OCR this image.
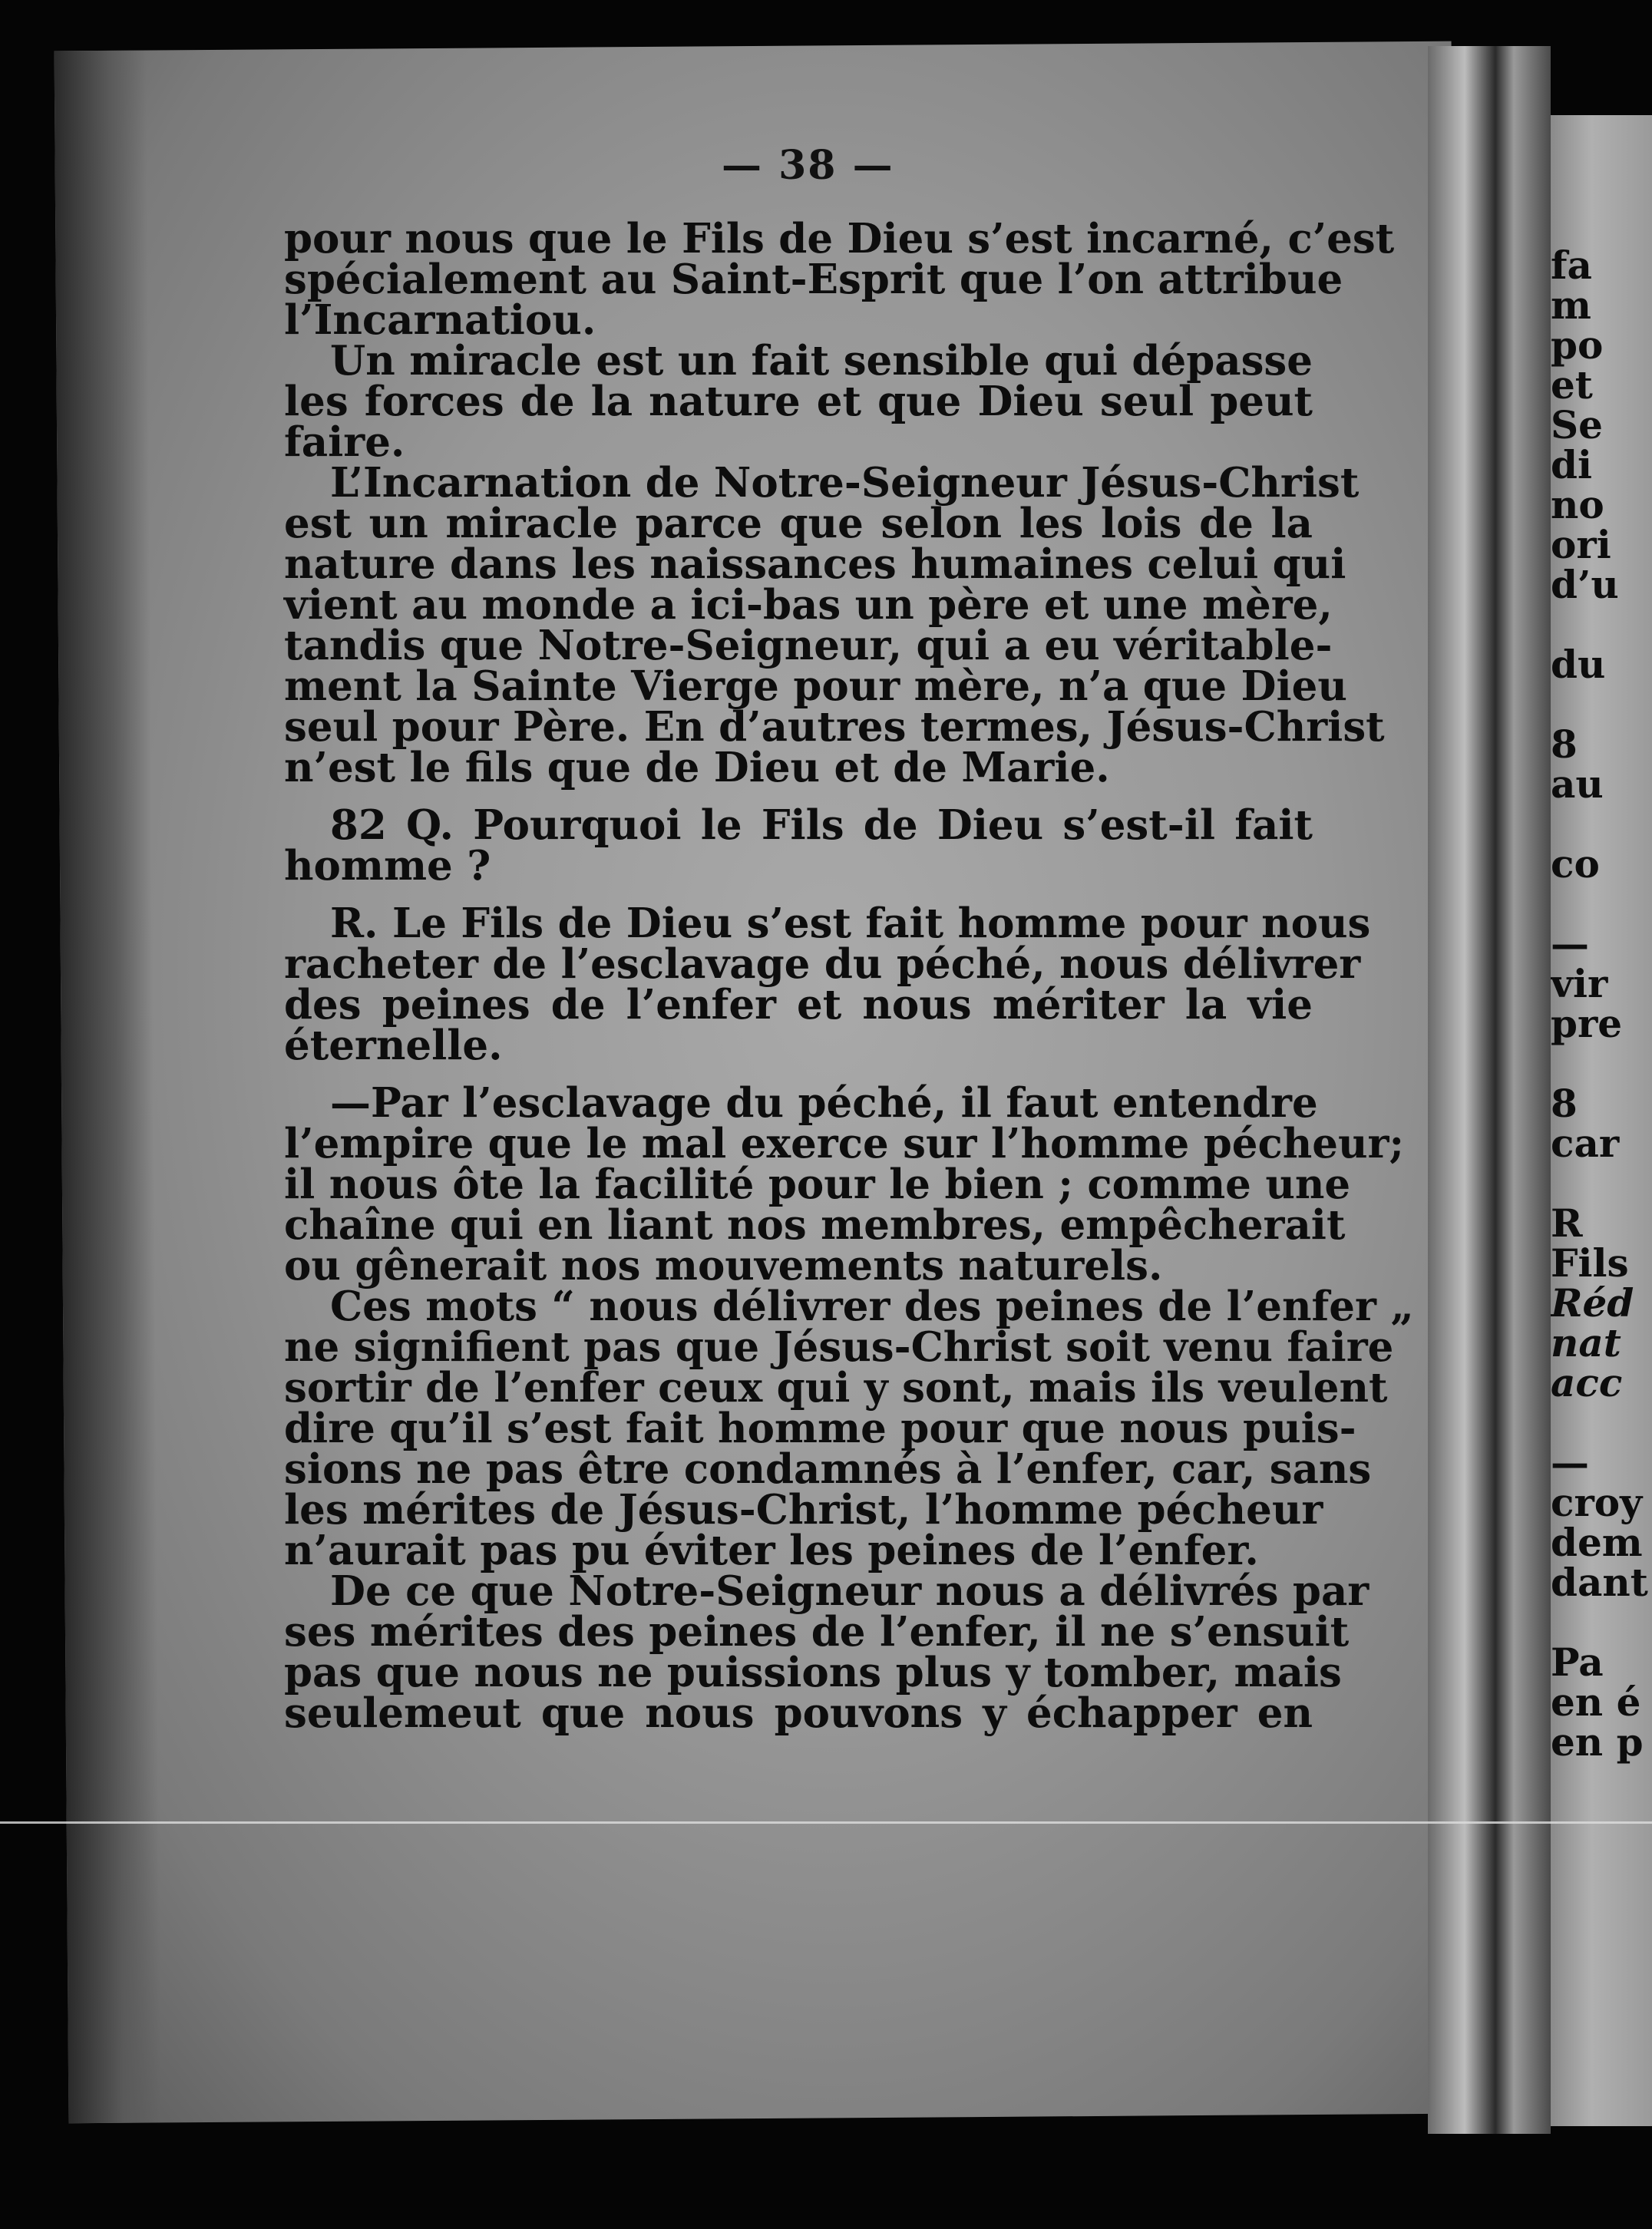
fa
m
po
et
Se
di
no
ori
d’u
du
8
au
co
—
vir
pre
8
car
R
Fils
Réd
nat
acc
—
croy
dem
dant
Pa
en é
en p
— 38 —
pour nous que le Fils de Dieu s’est incarné, c’est
spécialement au Saint-Esprit que l’on attribue
l’Incarnatiou.
Un miracle est un fait sensible qui dépasse
les forces de la nature et que Dieu seul peut
faire.
L’Incarnation de Notre-Seigneur Jésus-Christ
est un miracle parce que selon les lois de la
nature dans les naissances humaines celui qui
vient au monde a ici-bas un père et une mère,
tandis que Notre-Seigneur, qui a eu véritable-
ment la Sainte Vierge pour mère, n’a que Dieu
seul pour Père. En d’autres termes, Jésus-Christ
n’est le fils que de Dieu et de Marie.
82 Q. Pourquoi le Fils de Dieu s’est-il fait
homme ?
R. Le Fils de Dieu s’est fait homme pour nous
racheter de l’esclavage du péché, nous délivrer
des peines de l’enfer et nous mériter la vie
éternelle.
—Par l’esclavage du péché, il faut entendre
l’empire que le mal exerce sur l’homme pécheur;
il nous ôte la facilité pour le bien ; comme une
chaîne qui en liant nos membres, empêcherait
ou gênerait nos mouvements naturels.
Ces mots “ nous délivrer des peines de l’enfer „
ne signifient pas que Jésus-Christ soit venu faire
sortir de l’enfer ceux qui y sont, mais ils veulent
dire qu’il s’est fait homme pour que nous puis-
sions ne pas être condamnés à l’enfer, car, sans
les mérites de Jésus-Christ, l’homme pécheur
n’aurait pas pu éviter les peines de l’enfer.
De ce que Notre-Seigneur nous a délivrés par
ses mérites des peines de l’enfer, il ne s’ensuit
pas que nous ne puissions plus y tomber, mais
seulemeut que nous pouvons y échapper en
